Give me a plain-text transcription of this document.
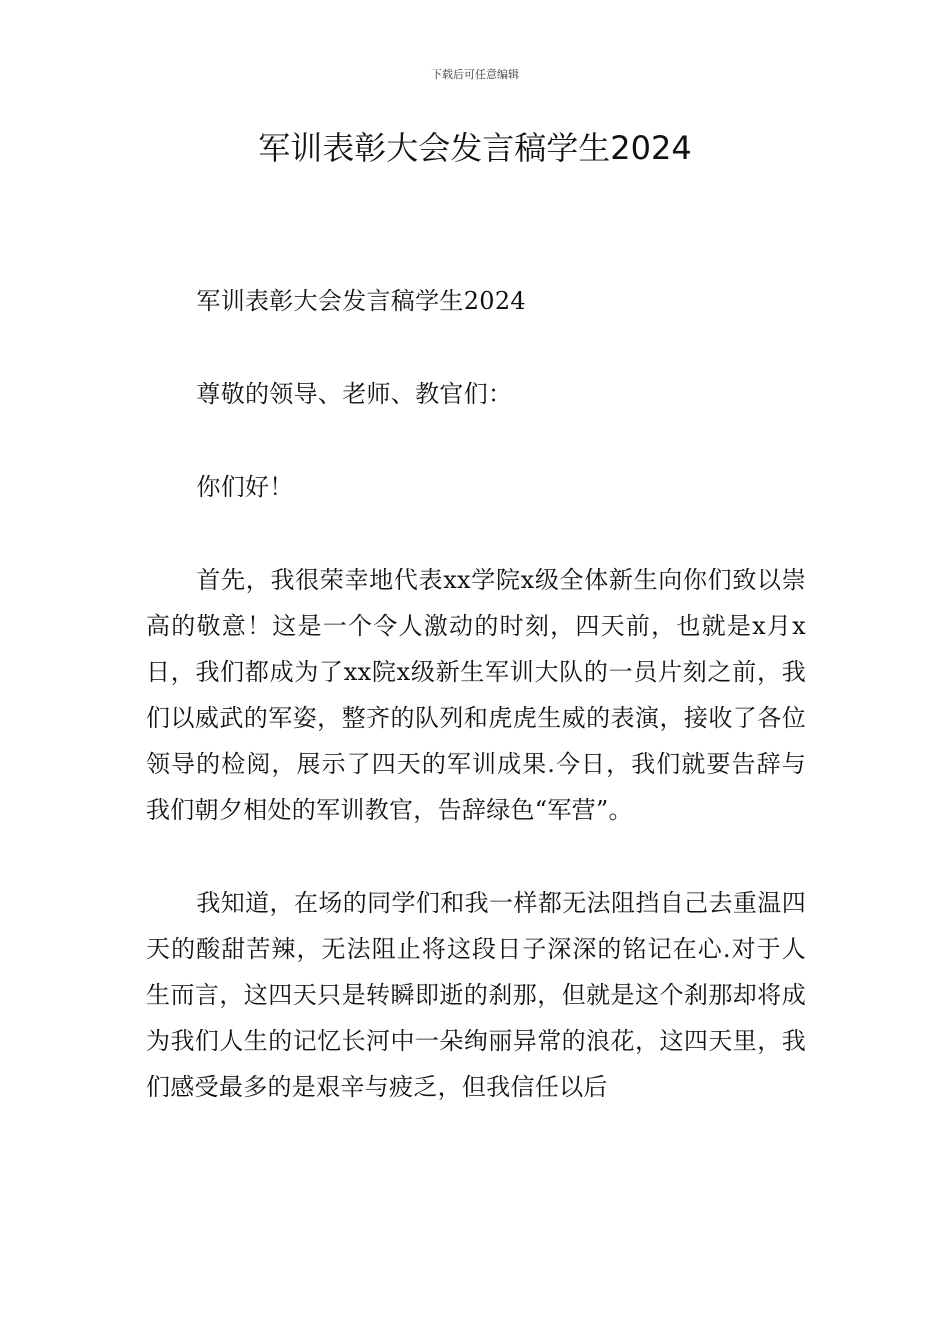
下载后可任意编辑
军训表彰大会发言稿学生2024

军训表彰大会发言稿学生2024

尊敬的领导、老师、教官们：

你们好！

首先，我很荣幸地代表xx学院x级全体新生向你们致以崇高的敬意！这是一个令人激动的时刻，四天前，也就是x月x日，我们都成为了xx院x级新生军训大队的一员片刻之前，我们以威武的军姿，整齐的队列和虎虎生威的表演，接收了各位领导的检阅，展示了四天的军训成果.今日，我们就要告辞与我们朝夕相处的军训教官，告辞绿色“军营”。

我知道，在场的同学们和我一样都无法阻挡自己去重温四天的酸甜苦辣，无法阻止将这段日子深深的铭记在心.对于人生而言，这四天只是转瞬即逝的刹那，但就是这个刹那却将成为我们人生的记忆长河中一朵绚丽异常的浪花，这四天里，我们感受最多的是艰辛与疲乏，但我信任以后
